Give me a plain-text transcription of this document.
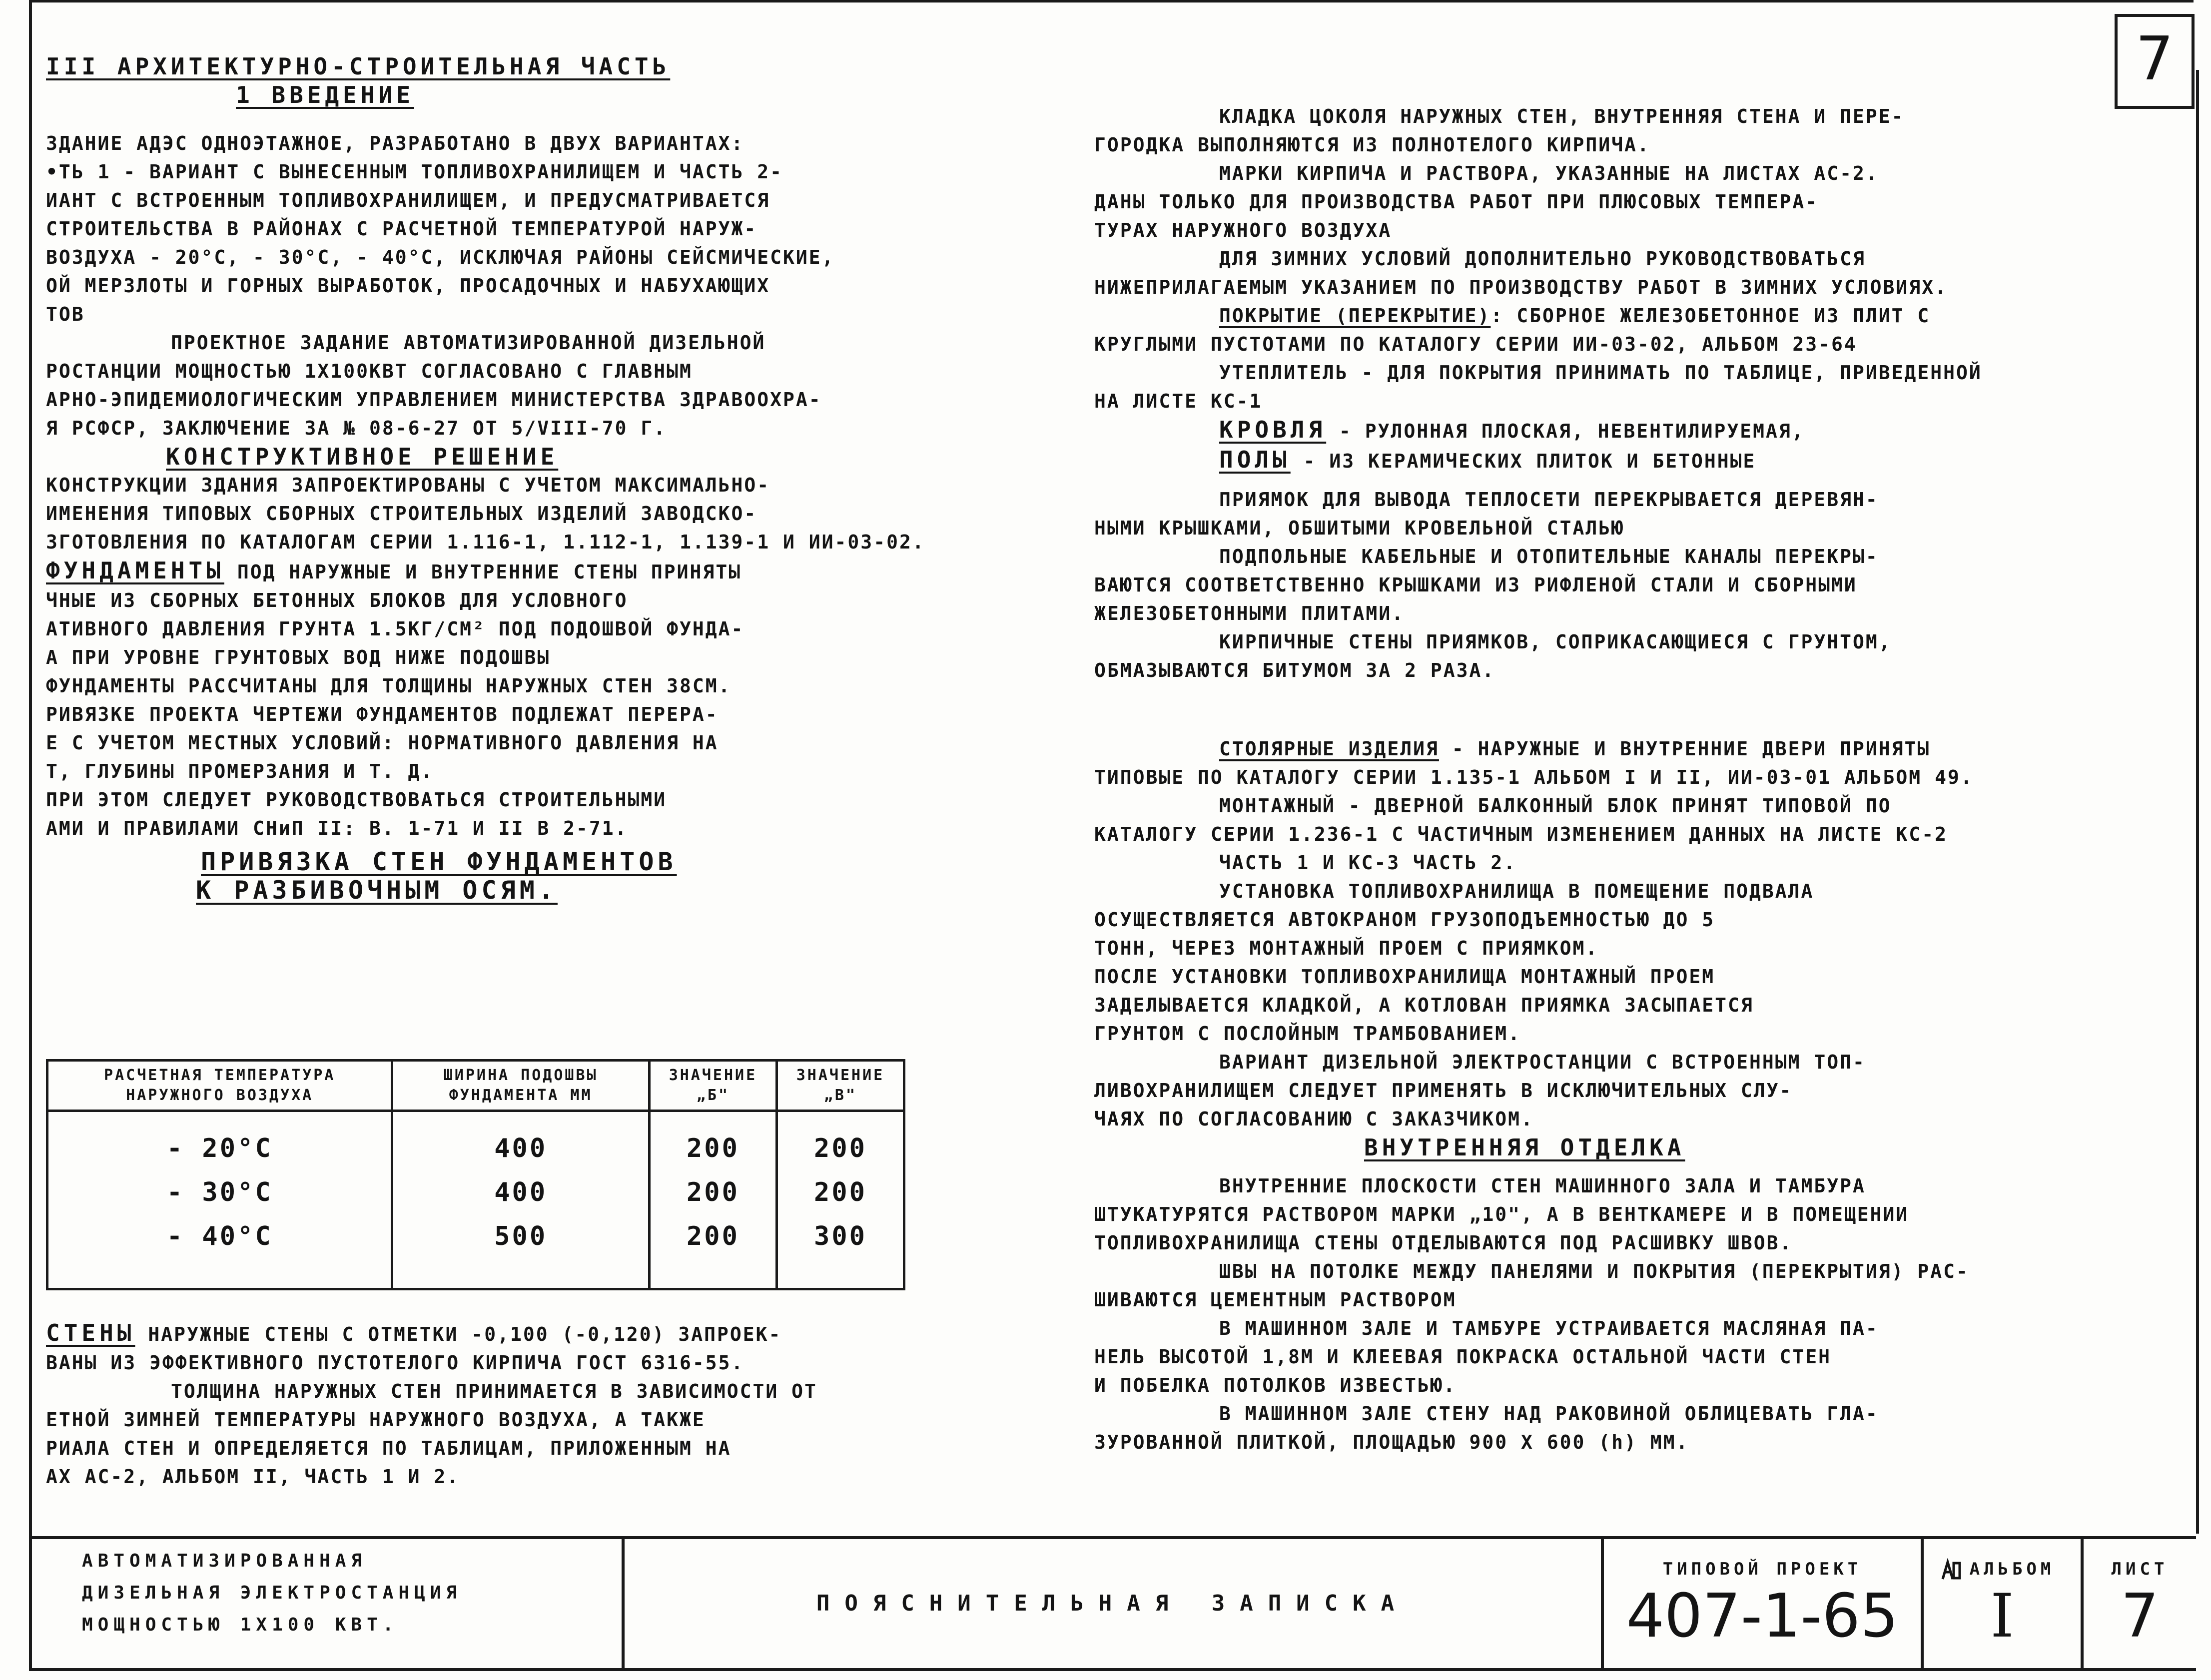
7

III АРХИТЕКТУРНО-СТРОИТЕЛЬНАЯ ЧАСТЬ

1 ВВЕДЕНИЕ

ЗДАНИЕ АДЭС ОДНОЭТАЖНОЕ, РАЗРАБОТАНО В ДВУХ ВАРИАНТАХ:

•ТЬ 1 - ВАРИАНТ С ВЫНЕСЕННЫМ ТОПЛИВОХРАНИЛИЩЕМ И ЧАСТЬ 2-

ИАНТ С ВСТРОЕННЫМ ТОПЛИВОХРАНИЛИЩЕМ, И ПРЕДУСМАТРИВАЕТСЯ

СТРОИТЕЛЬСТВА В РАЙОНАХ С РАСЧЕТНОЙ ТЕМПЕРАТУРОЙ НАРУЖ-

ВОЗДУХА - 20°С, - 30°С, - 40°С, ИСКЛЮЧАЯ РАЙОНЫ СЕЙСМИЧЕСКИЕ,

ОЙ МЕРЗЛОТЫ И ГОРНЫХ ВЫРАБОТОК, ПРОСАДОЧНЫХ И НАБУХАЮЩИХ

ТОВ

ПРОЕКТНОЕ ЗАДАНИЕ АВТОМАТИЗИРОВАННОЙ ДИЗЕЛЬНОЙ

РОСТАНЦИИ МОЩНОСТЬЮ 1Х100КВТ СОГЛАСОВАНО С ГЛАВНЫМ

АРНО-ЭПИДЕМИОЛОГИЧЕСКИМ УПРАВЛЕНИЕМ МИНИСТЕРСТВА ЗДРАВООХРА-

Я РСФСР, ЗАКЛЮЧЕНИЕ ЗА № 08-6-27 ОТ 5/VIII-70 Г.

КОНСТРУКТИВНОЕ РЕШЕНИЕ

КОНСТРУКЦИИ ЗДАНИЯ ЗАПРОЕКТИРОВАНЫ С УЧЕТОМ МАКСИМАЛЬНО-

ИМЕНЕНИЯ ТИПОВЫХ СБОРНЫХ СТРОИТЕЛЬНЫХ ИЗДЕЛИЙ ЗАВОДСКО-

ЗГОТОВЛЕНИЯ ПО КАТАЛОГАМ СЕРИИ 1.116-1, 1.112-1, 1.139-1 И ИИ-03-02.

ФУНДАМЕНТЫ ПОД НАРУЖНЫЕ И ВНУТРЕННИЕ СТЕНЫ ПРИНЯТЫ

ЧНЫЕ ИЗ СБОРНЫХ БЕТОННЫХ БЛОКОВ ДЛЯ УСЛОВНОГО

АТИВНОГО ДАВЛЕНИЯ ГРУНТА 1.5КГ/СМ² ПОД ПОДОШВОЙ ФУНДА-

А ПРИ УРОВНЕ ГРУНТОВЫХ ВОД НИЖЕ ПОДОШВЫ

ФУНДАМЕНТЫ РАССЧИТАНЫ ДЛЯ ТОЛЩИНЫ НАРУЖНЫХ СТЕН 38СМ.

РИВЯЗКЕ ПРОЕКТА ЧЕРТЕЖИ ФУНДАМЕНТОВ ПОДЛЕЖАТ ПЕРЕРА-

Е С УЧЕТОМ МЕСТНЫХ УСЛОВИЙ: НОРМАТИВНОГО ДАВЛЕНИЯ НА

Т, ГЛУБИНЫ ПРОМЕРЗАНИЯ И Т. Д.

ПРИ ЭТОМ СЛЕДУЕТ РУКОВОДСТВОВАТЬСЯ СТРОИТЕЛЬНЫМИ

АМИ И ПРАВИЛАМИ СНиП II: В. 1-71 И II В 2-71.

ПРИВЯЗКА СТЕН ФУНДАМЕНТОВ

К РАЗБИВОЧНЫМ ОСЯМ.

РАСЧЕТНАЯ ТЕМПЕРАТУРА НАРУЖНОГО ВОЗДУХА	ШИРИНА ПОДОШВЫ ФУНДАМЕНТА ММ	ЗНАЧЕНИЕ „Б"	ЗНАЧЕНИЕ „В"
- 20°С	400	200	200
- 30°С	400	200	200
- 40°С	500	200	300

СТЕНЫ НАРУЖНЫЕ СТЕНЫ С ОТМЕТКИ -0,100 (-0,120) ЗАПРОЕК-

ВАНЫ ИЗ ЭФФЕКТИВНОГО ПУСТОТЕЛОГО КИРПИЧА ГОСТ 6316-55.

ТОЛЩИНА НАРУЖНЫХ СТЕН ПРИНИМАЕТСЯ В ЗАВИСИМОСТИ ОТ

ЕТНОЙ ЗИМНЕЙ ТЕМПЕРАТУРЫ НАРУЖНОГО ВОЗДУХА, А ТАКЖЕ

РИАЛА СТЕН И ОПРЕДЕЛЯЕТСЯ ПО ТАБЛИЦАМ, ПРИЛОЖЕННЫМ НА

АХ АС-2, АЛЬБОМ II, ЧАСТЬ 1 И 2.

КЛАДКА ЦОКОЛЯ НАРУЖНЫХ СТЕН, ВНУТРЕННЯЯ СТЕНА И ПЕРЕ-

ГОРОДКА ВЫПОЛНЯЮТСЯ ИЗ ПОЛНОТЕЛОГО КИРПИЧА.

МАРКИ КИРПИЧА И РАСТВОРА, УКАЗАННЫЕ НА ЛИСТАХ АС-2.

ДАНЫ ТОЛЬКО ДЛЯ ПРОИЗВОДСТВА РАБОТ ПРИ ПЛЮСОВЫХ ТЕМПЕРА-

ТУРАХ НАРУЖНОГО ВОЗДУХА

ДЛЯ ЗИМНИХ УСЛОВИЙ ДОПОЛНИТЕЛЬНО РУКОВОДСТВОВАТЬСЯ

НИЖЕПРИЛАГАЕМЫМ УКАЗАНИЕМ ПО ПРОИЗВОДСТВУ РАБОТ В ЗИМНИХ УСЛОВИЯХ.

ПОКРЫТИЕ (ПЕРЕКРЫТИЕ): СБОРНОЕ ЖЕЛЕЗОБЕТОННОЕ ИЗ ПЛИТ С

КРУГЛЫМИ ПУСТОТАМИ ПО КАТАЛОГУ СЕРИИ ИИ-03-02, АЛЬБОМ 23-64

УТЕПЛИТЕЛЬ - ДЛЯ ПОКРЫТИЯ ПРИНИМАТЬ ПО ТАБЛИЦЕ, ПРИВЕДЕННОЙ

НА ЛИСТЕ КС-1

КРОВЛЯ - РУЛОННАЯ ПЛОСКАЯ, НЕВЕНТИЛИРУЕМАЯ,

ПОЛЫ - ИЗ КЕРАМИЧЕСКИХ ПЛИТОК И БЕТОННЫЕ

ПРИЯМОК ДЛЯ ВЫВОДА ТЕПЛОСЕТИ ПЕРЕКРЫВАЕТСЯ ДЕРЕВЯН-

НЫМИ КРЫШКАМИ, ОБШИТЫМИ КРОВЕЛЬНОЙ СТАЛЬЮ

ПОДПОЛЬНЫЕ КАБЕЛЬНЫЕ И ОТОПИТЕЛЬНЫЕ КАНАЛЫ ПЕРЕКРЫ-

ВАЮТСЯ СООТВЕТСТВЕННО КРЫШКАМИ ИЗ РИФЛЕНОЙ СТАЛИ И СБОРНЫМИ

ЖЕЛЕЗОБЕТОННЫМИ ПЛИТАМИ.

КИРПИЧНЫЕ СТЕНЫ ПРИЯМКОВ, СОПРИКАСАЮЩИЕСЯ С ГРУНТОМ,

ОБМАЗЫВАЮТСЯ БИТУМОМ ЗА 2 РАЗА.

СТОЛЯРНЫЕ ИЗДЕЛИЯ - НАРУЖНЫЕ И ВНУТРЕННИЕ ДВЕРИ ПРИНЯТЫ

ТИПОВЫЕ ПО КАТАЛОГУ СЕРИИ 1.135-1 АЛЬБОМ I И II, ИИ-03-01 АЛЬБОМ 49.

МОНТАЖНЫЙ - ДВЕРНОЙ БАЛКОННЫЙ БЛОК ПРИНЯТ ТИПОВОЙ ПО

КАТАЛОГУ СЕРИИ 1.236-1 С ЧАСТИЧНЫМ ИЗМЕНЕНИЕМ ДАННЫХ НА ЛИСТЕ КС-2

ЧАСТЬ 1 И КС-3 ЧАСТЬ 2.

УСТАНОВКА ТОПЛИВОХРАНИЛИЩА В ПОМЕЩЕНИЕ ПОДВАЛА

ОСУЩЕСТВЛЯЕТСЯ АВТОКРАНОМ ГРУЗОПОДЪЕМНОСТЬЮ ДО 5

ТОНН, ЧЕРЕЗ МОНТАЖНЫЙ ПРОЕМ С ПРИЯМКОМ.

ПОСЛЕ УСТАНОВКИ ТОПЛИВОХРАНИЛИЩА МОНТАЖНЫЙ ПРОЕМ

ЗАДЕЛЫВАЕТСЯ КЛАДКОЙ, А КОТЛОВАН ПРИЯМКА ЗАСЫПАЕТСЯ

ГРУНТОМ С ПОСЛОЙНЫМ ТРАМБОВАНИЕМ.

ВАРИАНТ ДИЗЕЛЬНОЙ ЭЛЕКТРОСТАНЦИИ С ВСТРОЕННЫМ ТОП-

ЛИВОХРАНИЛИЩЕМ СЛЕДУЕТ ПРИМЕНЯТЬ В ИСКЛЮЧИТЕЛЬНЫХ СЛУ-

ЧАЯХ ПО СОГЛАСОВАНИЮ С ЗАКАЗЧИКОМ.

ВНУТРЕННЯЯ ОТДЕЛКА

ВНУТРЕННИЕ ПЛОСКОСТИ СТЕН МАШИННОГО ЗАЛА И ТАМБУРА

ШТУКАТУРЯТСЯ РАСТВОРОМ МАРКИ „10", А В ВЕНТКАМЕРЕ И В ПОМЕЩЕНИИ

ТОПЛИВОХРАНИЛИЩА СТЕНЫ ОТДЕЛЫВАЮТСЯ ПОД РАСШИВКУ ШВОВ.

ШВЫ НА ПОТОЛКЕ МЕЖДУ ПАНЕЛЯМИ И ПОКРЫТИЯ (ПЕРЕКРЫТИЯ) РАС-

ШИВАЮТСЯ ЦЕМЕНТНЫМ РАСТВОРОМ

В МАШИННОМ ЗАЛЕ И ТАМБУРЕ УСТРАИВАЕТСЯ МАСЛЯНАЯ ПА-

НЕЛЬ ВЫСОТОЙ 1,8М И КЛЕЕВАЯ ПОКРАСКА ОСТАЛЬНОЙ ЧАСТИ СТЕН

И ПОБЕЛКА ПОТОЛКОВ ИЗВЕСТЬЮ.

В МАШИННОМ ЗАЛЕ СТЕНУ НАД РАКОВИНОЙ ОБЛИЦЕВАТЬ ГЛА-

ЗУРОВАННОЙ ПЛИТКОЙ, ПЛОЩАДЬЮ 900 Х 600 (h) ММ.

АВТОМАТИЗИРОВАННАЯ
ДИЗЕЛЬНАЯ ЭЛЕКТРОСТАНЦИЯ
МОЩНОСТЬЮ 1Х100 КВТ.
ПОЯСНИТЕЛЬНАЯ ЗАПИСКА
ТИПОВОЙ ПРОЕКТ
407-1-65
АЛЬБОМ
I
ЛИСТ
7
